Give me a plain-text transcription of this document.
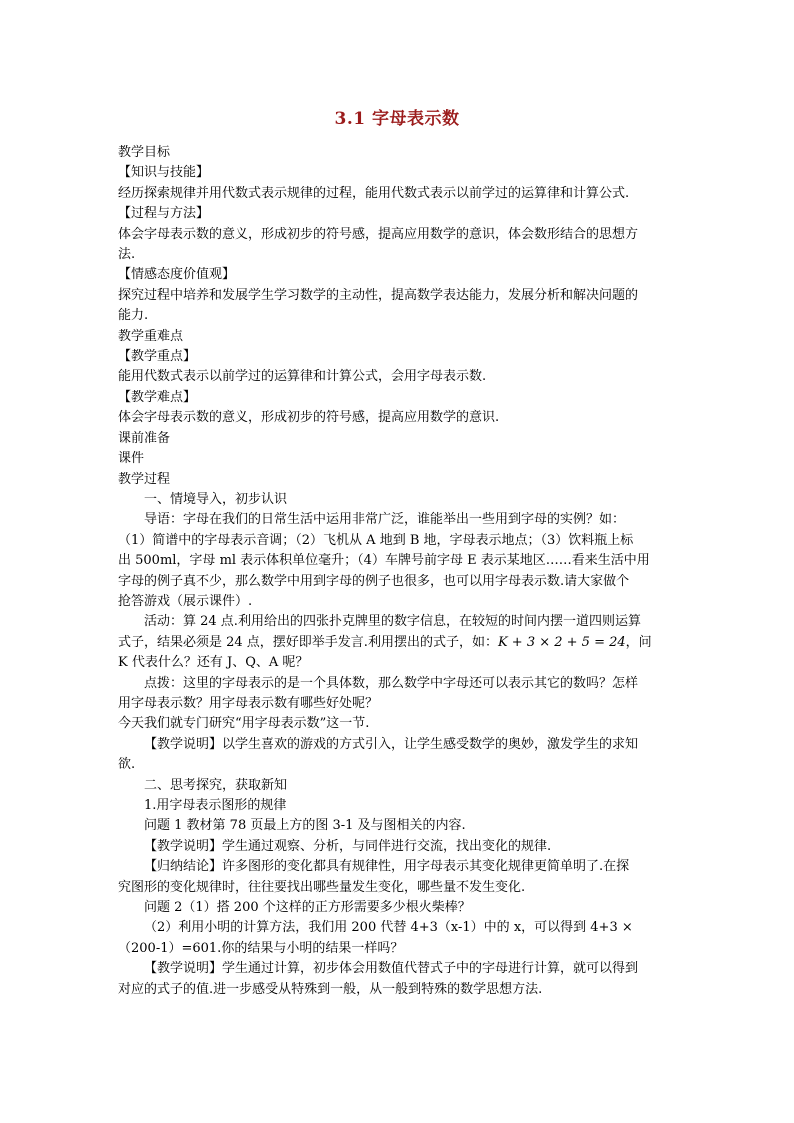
3.1 字母表示数

教学目标

【知识与技能】

经历探索规律并用代数式表示规律的过程，能用代数式表示以前学过的运算律和计算公式.

【过程与方法】

体会字母表示数的意义，形成初步的符号感，提高应用数学的意识，体会数形结合的思想方

法.

【情感态度价值观】

探究过程中培养和发展学生学习数学的主动性，提高数学表达能力，发展分析和解决问题的

能力.

教学重难点

【教学重点】

能用代数式表示以前学过的运算律和计算公式，会用字母表示数.

【教学难点】

体会字母表示数的意义，形成初步的符号感，提高应用数学的意识.

课前准备

课件

教学过程

一、情境导入，初步认识

导语：字母在我们的日常生活中运用非常广泛，谁能举出一些用到字母的实例？如：

（1）简谱中的字母表示音调；（2）飞机从 A 地到 B 地，字母表示地点；（3）饮料瓶上标

出 500ml，字母 ml 表示体积单位毫升；（4）车牌号前字母 E 表示某地区……看来生活中用

字母的例子真不少，那么数学中用到字母的例子也很多，也可以用字母表示数.请大家做个

抢答游戏（展示课件）.

活动：算 24 点.利用给出的四张扑克牌里的数字信息，在较短的时间内摆一道四则运算

式子，结果必须是 24 点，摆好即举手发言.利用摆出的式子，如：K + 3 × 2 + 5 = 24，问

K 代表什么？还有 J、Q、A 呢？

点拨：这里的字母表示的是一个具体数，那么数学中字母还可以表示其它的数吗？怎样

用字母表示数？用字母表示数有哪些好处呢？

今天我们就专门研究“用字母表示数”这一节.

【教学说明】以学生喜欢的游戏的方式引入，让学生感受数学的奥妙，激发学生的求知

欲.

二、思考探究，获取新知

1.用字母表示图形的规律

问题 1 教材第 78 页最上方的图 3-1 及与图相关的内容.

【教学说明】学生通过观察、分析，与同伴进行交流，找出变化的规律.

【归纳结论】许多图形的变化都具有规律性，用字母表示其变化规律更简单明了.在探

究图形的变化规律时，往往要找出哪些量发生变化，哪些量不发生变化.

问题 2（1）搭 200 个这样的正方形需要多少根火柴棒？

（2）利用小明的计算方法，我们用 200 代替 4+3（x-1）中的 x，可以得到 4+3 ×

（200-1）=601.你的结果与小明的结果一样吗？

【教学说明】学生通过计算，初步体会用数值代替式子中的字母进行计算，就可以得到

对应的式子的值.进一步感受从特殊到一般，从一般到特殊的数学思想方法.
